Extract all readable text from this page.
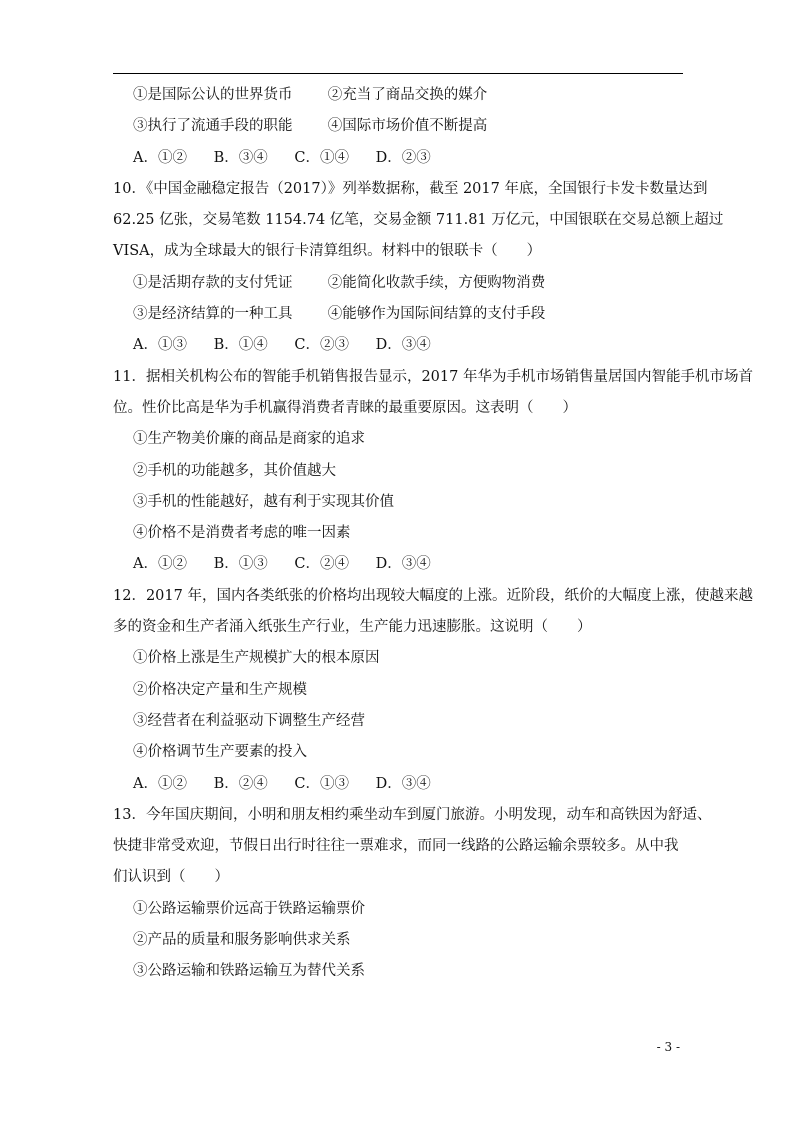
①是国际公认的世界货币 ②充当了商品交换的媒介
③执行了流通手段的职能 ④国际市场价值不断提高
A．①② B．③④ C．①④ D．②③
10．《中国金融稳定报告（2017）》列举数据称，截至 2017 年底，全国银行卡发卡数量达到
62.25 亿张，交易笔数 1154.74 亿笔，交易金额 711.81 万亿元，中国银联在交易总额上超过
VISA，成为全球最大的银行卡清算组织。材料中的银联卡（　　）
①是活期存款的支付凭证 ②能简化收款手续，方便购物消费
③是经济结算的一种工具 ④能够作为国际间结算的支付手段
A．①③ B．①④ C．②③ D．③④
11．据相关机构公布的智能手机销售报告显示，2017 年华为手机市场销售量居国内智能手机市场首
位。性价比高是华为手机赢得消费者青睐的最重要原因。这表明（　　）
①生产物美价廉的商品是商家的追求
②手机的功能越多，其价值越大
③手机的性能越好，越有利于实现其价值
④价格不是消费者考虑的唯一因素
A．①② B．①③ C．②④ D．③④
12．2017 年，国内各类纸张的价格均出现较大幅度的上涨。近阶段，纸价的大幅度上涨，使越来越
多的资金和生产者涌入纸张生产行业，生产能力迅速膨胀。这说明（　　）
①价格上涨是生产规模扩大的根本原因
②价格决定产量和生产规模
③经营者在利益驱动下调整生产经营
④价格调节生产要素的投入
A．①② B．②④ C．①③ D．③④
13．今年国庆期间，小明和朋友相约乘坐动车到厦门旅游。小明发现，动车和高铁因为舒适、
快捷非常受欢迎，节假日出行时往往一票难求，而同一线路的公路运输余票较多。从中我
们认识到（　　）
①公路运输票价远高于铁路运输票价
②产品的质量和服务影响供求关系
③公路运输和铁路运输互为替代关系
- 3 -
